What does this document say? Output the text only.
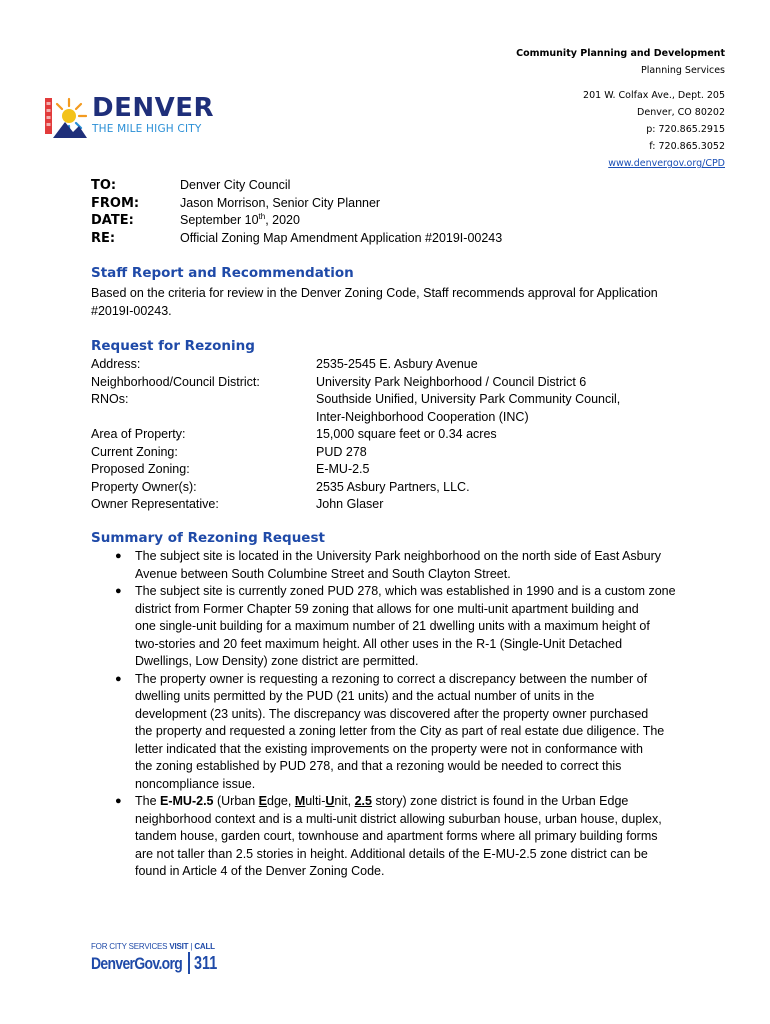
DENVER
THE MILE HIGH CITY
Community Planning and Development
Planning Services
201 W. Colfax Ave., Dept. 205
Denver, CO 80202
p: 720.865.2915
f: 720.865.3052
www.denvergov.org/CPD
TO:	Denver City Council
FROM:	Jason Morrison, Senior City Planner
DATE:	September 10th, 2020
RE:	Official Zoning Map Amendment Application #2019I-00243
Staff Report and Recommendation
Based on the criteria for review in the Denver Zoning Code, Staff recommends approval for Application
#2019I-00243.
Request for Rezoning
Address:	2535-2545 E. Asbury Avenue
Neighborhood/Council District:	University Park Neighborhood / Council District 6
RNOs:	Southside Unified, University Park Community Council,
Inter-Neighborhood Cooperation (INC)
Area of Property:	15,000 square feet or 0.34 acres
Current Zoning:	PUD 278
Proposed Zoning:	E-MU-2.5
Property Owner(s):	2535 Asbury Partners, LLC.
Owner Representative:	John Glaser
Summary of Rezoning Request
● The subject site is located in the University Park neighborhood on the north side of East Asbury
Avenue between South Columbine Street and South Clayton Street.
● The subject site is currently zoned PUD 278, which was established in 1990 and is a custom zone
district from Former Chapter 59 zoning that allows for one multi-unit apartment building and
one single-unit building for a maximum number of 21 dwelling units with a maximum height of
two-stories and 20 feet maximum height. All other uses in the R-1 (Single-Unit Detached
Dwellings, Low Density) zone district are permitted.
● The property owner is requesting a rezoning to correct a discrepancy between the number of
dwelling units permitted by the PUD (21 units) and the actual number of units in the
development (23 units). The discrepancy was discovered after the property owner purchased
the property and requested a zoning letter from the City as part of real estate due diligence. The
letter indicated that the existing improvements on the property were not in conformance with
the zoning established by PUD 278, and that a rezoning would be needed to correct this
noncompliance issue.
● The E-MU-2.5 (Urban Edge, Multi-Unit, 2.5 story) zone district is found in the Urban Edge
neighborhood context and is a multi-unit district allowing suburban house, urban house, duplex,
tandem house, garden court, townhouse and apartment forms where all primary building forms
are not taller than 2.5 stories in height. Additional details of the E-MU-2.5 zone district can be
found in Article 4 of the Denver Zoning Code.
FOR CITY SERVICES VISIT | CALL
DenverGov.org 311
